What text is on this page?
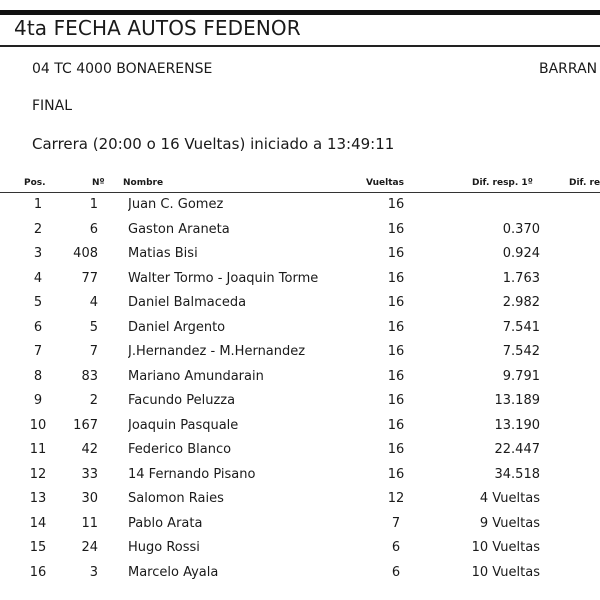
4ta FECHA AUTOS FEDENOR
04 TC 4000 BONAERENSE	BARRAN
FINAL
Carrera (20:00 o 16 Vueltas) iniciado a 13:49:11
Pos.	Nº Nombre	Vueltas	Dif. resp. 1º	Dif. re
1	1 Juan C. Gomez	16
2	6 Gaston Araneta	16	0.370
3	408 Matias Bisi	16	0.924
4	77 Walter Tormo - Joaquin Torme	16	1.763
5	4 Daniel Balmaceda	16	2.982
6	5 Daniel Argento	16	7.541
7	7 J.Hernandez - M.Hernandez	16	7.542
8	83 Mariano Amundarain	16	9.791
9	2 Facundo Peluzza	16	13.189
10	167 Joaquin Pasquale	16	13.190
11	42 Federico Blanco	16	22.447
12	33 14 Fernando Pisano	16	34.518
13	30 Salomon Raies	12	4 Vueltas
14	11 Pablo Arata	7	9 Vueltas
15	24 Hugo Rossi	6	10 Vueltas
16	3 Marcelo Ayala	6	10 Vueltas
